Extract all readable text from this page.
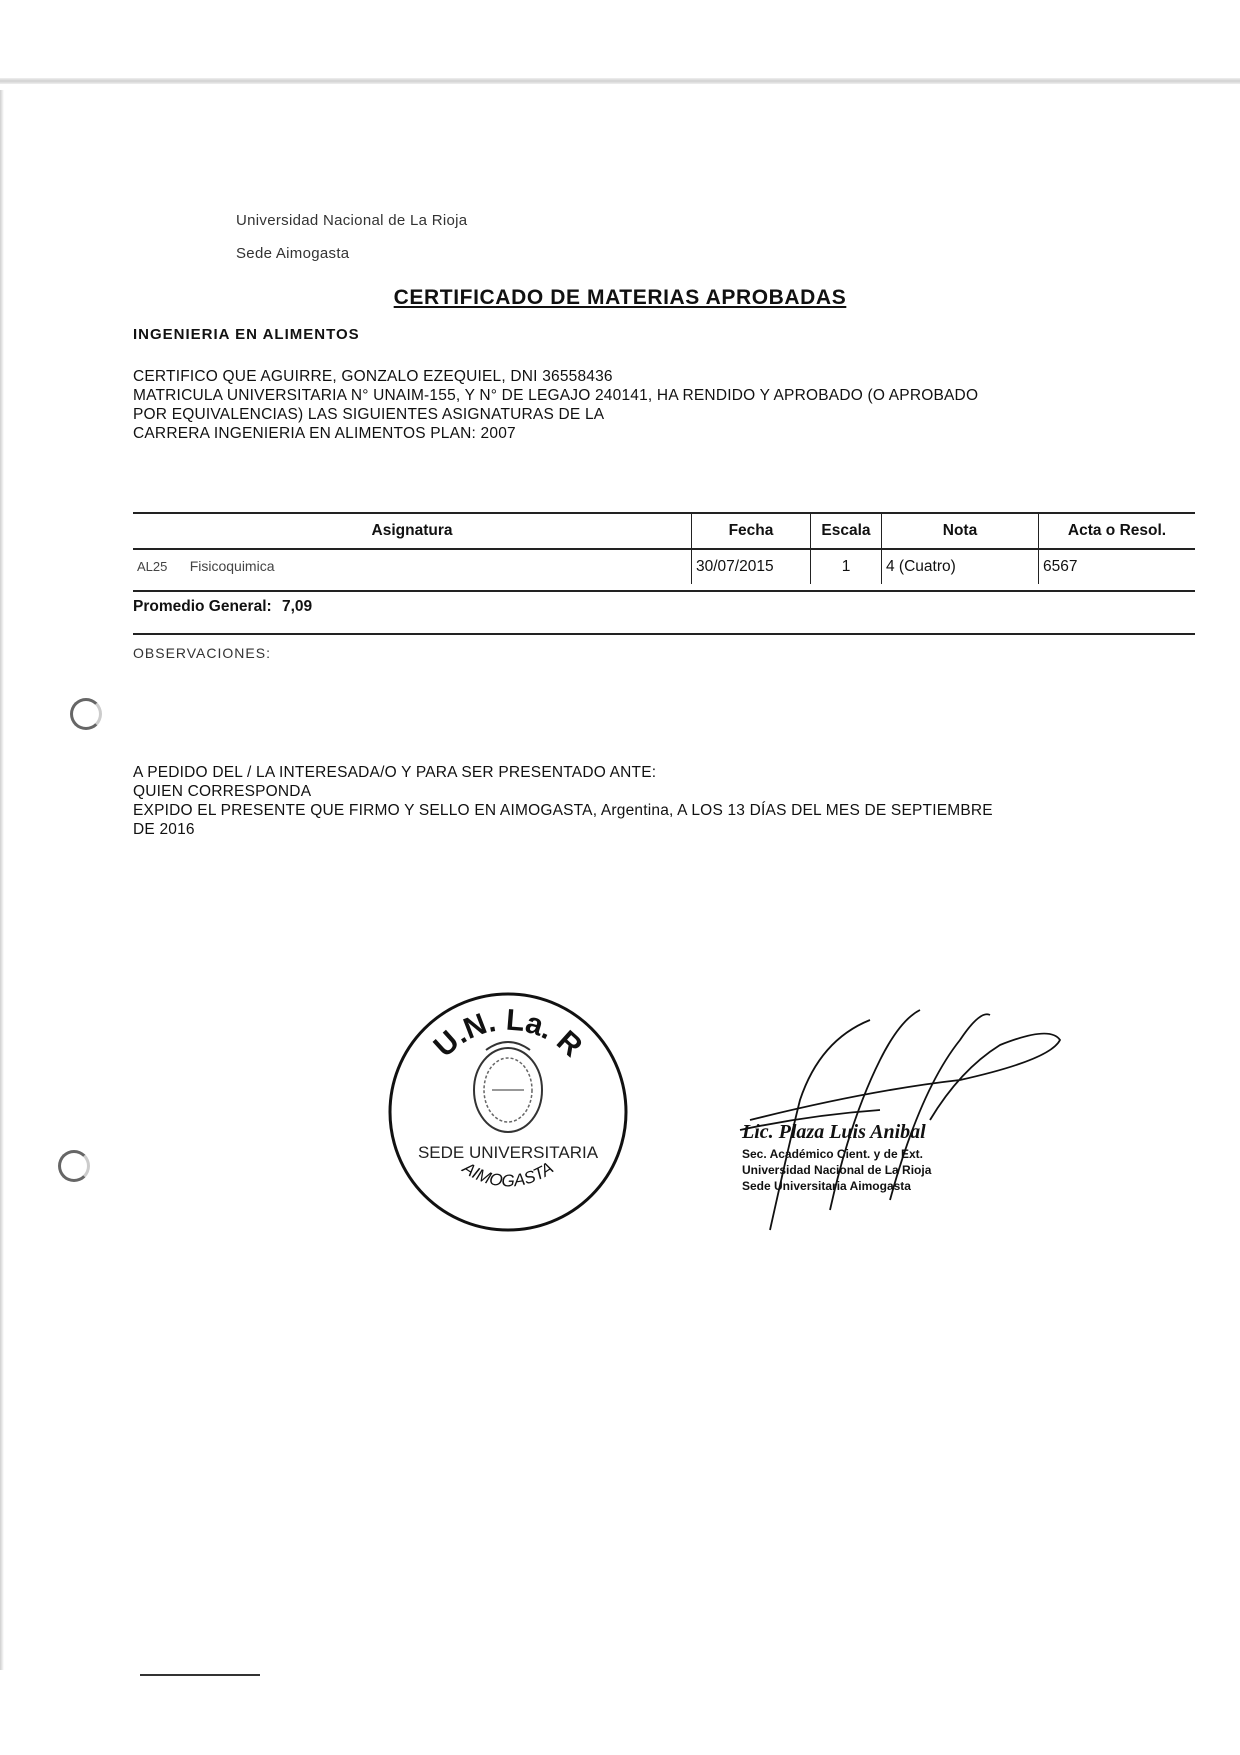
Universidad Nacional de La Rioja
Sede Aimogasta
CERTIFICADO DE MATERIAS APROBADAS
INGENIERIA EN ALIMENTOS
CERTIFICO QUE AGUIRRE, GONZALO EZEQUIEL, DNI 36558436
MATRICULA UNIVERSITARIA N° UNAIM-155, Y N° DE LEGAJO 240141, HA RENDIDO Y APROBADO (O APROBADO
POR EQUIVALENCIAS) LAS SIGUIENTES ASIGNATURAS DE LA
CARRERA INGENIERIA EN ALIMENTOS PLAN: 2007
Asignatura	Fecha	Escala	Nota	Acta o Resol.
AL25 Fisicoquimica	30/07/2015	1	4 (Cuatro)	6567
Promedio General: 7,09
OBSERVACIONES:
A PEDIDO DEL / LA INTERESADA/O Y PARA SER PRESENTADO ANTE:
QUIEN CORRESPONDA
EXPIDO EL PRESENTE QUE FIRMO Y SELLO EN AIMOGASTA, Argentina, A LOS 13 DÍAS DEL MES DE SEPTIEMBRE
DE 2016
U.N. La. R
SEDE UNIVERSITARIA
AIMOGASTA
Lic. Plaza Luis Anibal
Sec. Académico Cient. y de Ext.
Universidad Nacional de La Rioja
Sede Universitaria Aimogasta
